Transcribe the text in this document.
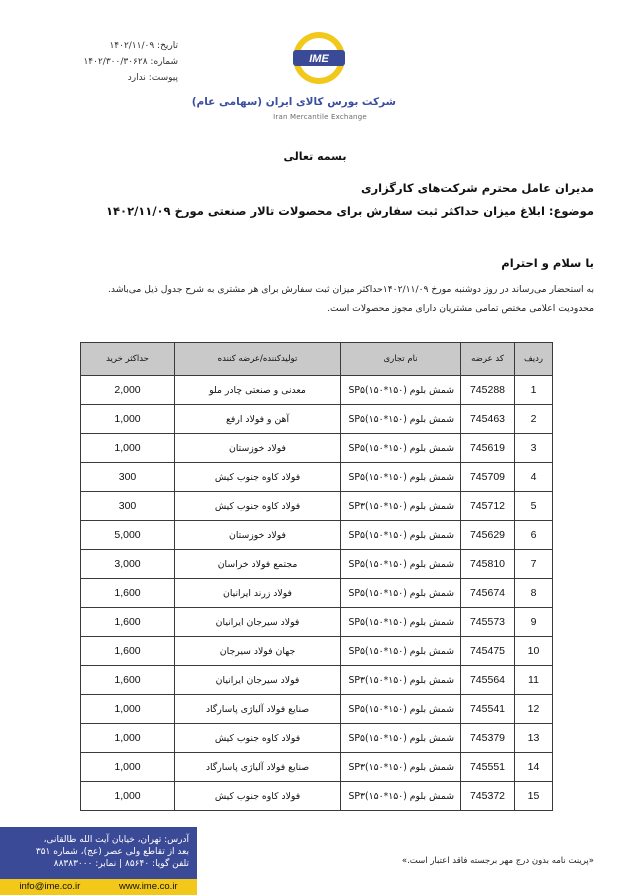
تاریخ: ۱۴۰۲/۱۱/۰۹
شماره: ۱۴۰۲/۳۰۰/۳۰۶۲۸
پیوست: ندارد
IME
شرکت بورس کالای ایران (سهامی عام)
Iran Mercantile Exchange
بسمه تعالی
مدیران عامل محترم شرکت‌های کارگزاری
موضوع: ابلاغ میزان حداکثر ثبت سفارش برای محصولات تالار صنعتی مورخ ۱۴۰۲/۱۱/۰۹
با سلام و احترام

به استحضار می‌رساند در روز دوشنبه مورخ ۱۴۰۲/۱۱/۰۹حداکثر میزان ثبت سفارش برای هر مشتری به شرح جدول ذیل می‌باشد.

محدودیت اعلامی مختص تمامی مشتریان دارای مجوز محصولات است.

ردیف	کد عرضه	نام تجاری	تولیدکننده/عرضه کننده	حداکثر خرید
1	745288	شمش بلوم (۱۵۰*۱۵۰)SP۵	معدنی و صنعتی چادر ملو	2,000
2	745463	شمش بلوم (۱۵۰*۱۵۰)SP۵	آهن و فولاد ارفع	1,000
3	745619	شمش بلوم (۱۵۰*۱۵۰)SP۵	فولاد خوزستان	1,000
4	745709	شمش بلوم (۱۵۰*۱۵۰)SP۵	فولاد کاوه جنوب کیش	300
5	745712	شمش بلوم (۱۵۰*۱۵۰)SP۳	فولاد کاوه جنوب کیش	300
6	745629	شمش بلوم (۱۵۰*۱۵۰)SP۵	فولاد خوزستان	5,000
7	745810	شمش بلوم (۱۵۰*۱۵۰)SP۵	مجتمع فولاد خراسان	3,000
8	745674	شمش بلوم (۱۵۰*۱۵۰)SP۵	فولاد زرند ایرانیان	1,600
9	745573	شمش بلوم (۱۵۰*۱۵۰)SP۵	فولاد سیرجان ایرانیان	1,600
10	745475	شمش بلوم (۱۵۰*۱۵۰)SP۵	جهان فولاد سیرجان	1,600
11	745564	شمش بلوم (۱۵۰*۱۵۰)SP۳	فولاد سیرجان ایرانیان	1,600
12	745541	شمش بلوم (۱۵۰*۱۵۰)SP۵	صنایع فولاد آلیاژی پاسارگاد	1,000
13	745379	شمش بلوم (۱۵۰*۱۵۰)SP۵	فولاد کاوه جنوب کیش	1,000
14	745551	شمش بلوم (۱۵۰*۱۵۰)SP۳	صنایع فولاد آلیاژی پاسارگاد	1,000
15	745372	شمش بلوم (۱۵۰*۱۵۰)SP۳	فولاد کاوه جنوب کیش	1,000
«پرینت نامه بدون درج مهر برجسته فاقد اعتبار است.»
آدرس: تهران، خیابان آیت الله طالقانی،
بعد از تقاطع ولی عصر (عج)، شماره ۳۵۱
تلفن گویا: ۸۵۶۴۰ | نمابر: ۸۸۳۸۳۰۰۰
info@ime.co.ir	www.ime.co.ir
